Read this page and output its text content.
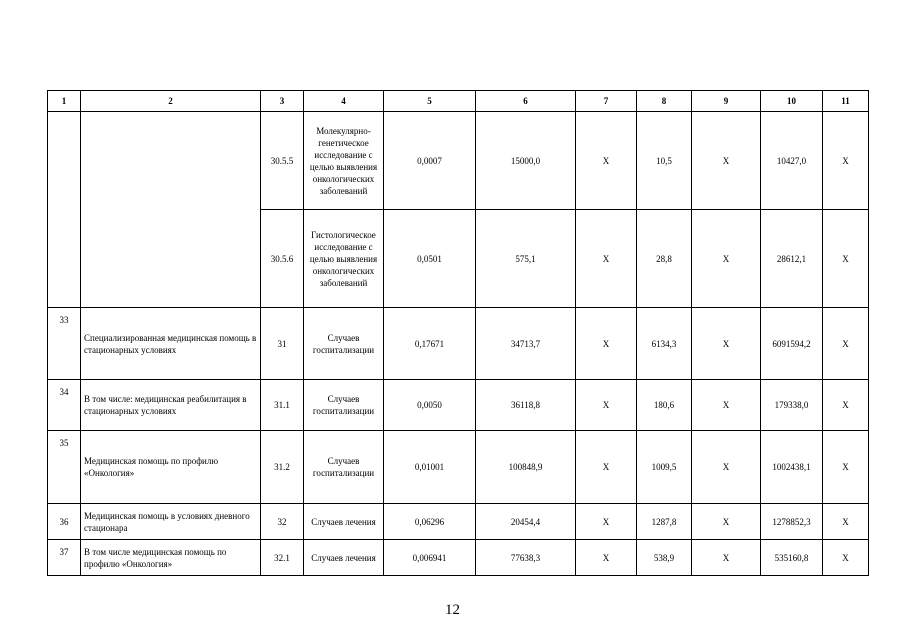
1	2	3	4	5	6	7	8	9	10	11
		30.5.5	Молекулярно-генетическое исследование с целью выявления онкологических заболеваний	0,0007	15000,0	X	10,5	X	10427,0	X
		30.5.6	Гистологическое исследование с целью выявления онкологических заболеваний	0,0501	575,1	X	28,8	X	28612,1	X
33	Специализированная медицинская помощь в стационарных условиях	31	Случаев госпитализации	0,17671	34713,7	X	6134,3	X	6091594,2	X
34	В том числе: медицинская реабилитация в стационарных условиях	31.1	Случаев госпитализации	0,0050	36118,8	X	180,6	X	179338,0	X
35	Медицинская помощь по профилю «Онкология»	31.2	Случаев госпитализации	0,01001	100848,9	X	1009,5	X	1002438,1	X
36	Медицинская помощь в условиях дневного стационара	32	Случаев лечения	0,06296	20454,4	X	1287,8	X	1278852,3	X
37	В том числе медицинская помощь по профилю «Онкология»	32.1	Случаев лечения	0,006941	77638,3	X	538,9	X	535160,8	X
12
